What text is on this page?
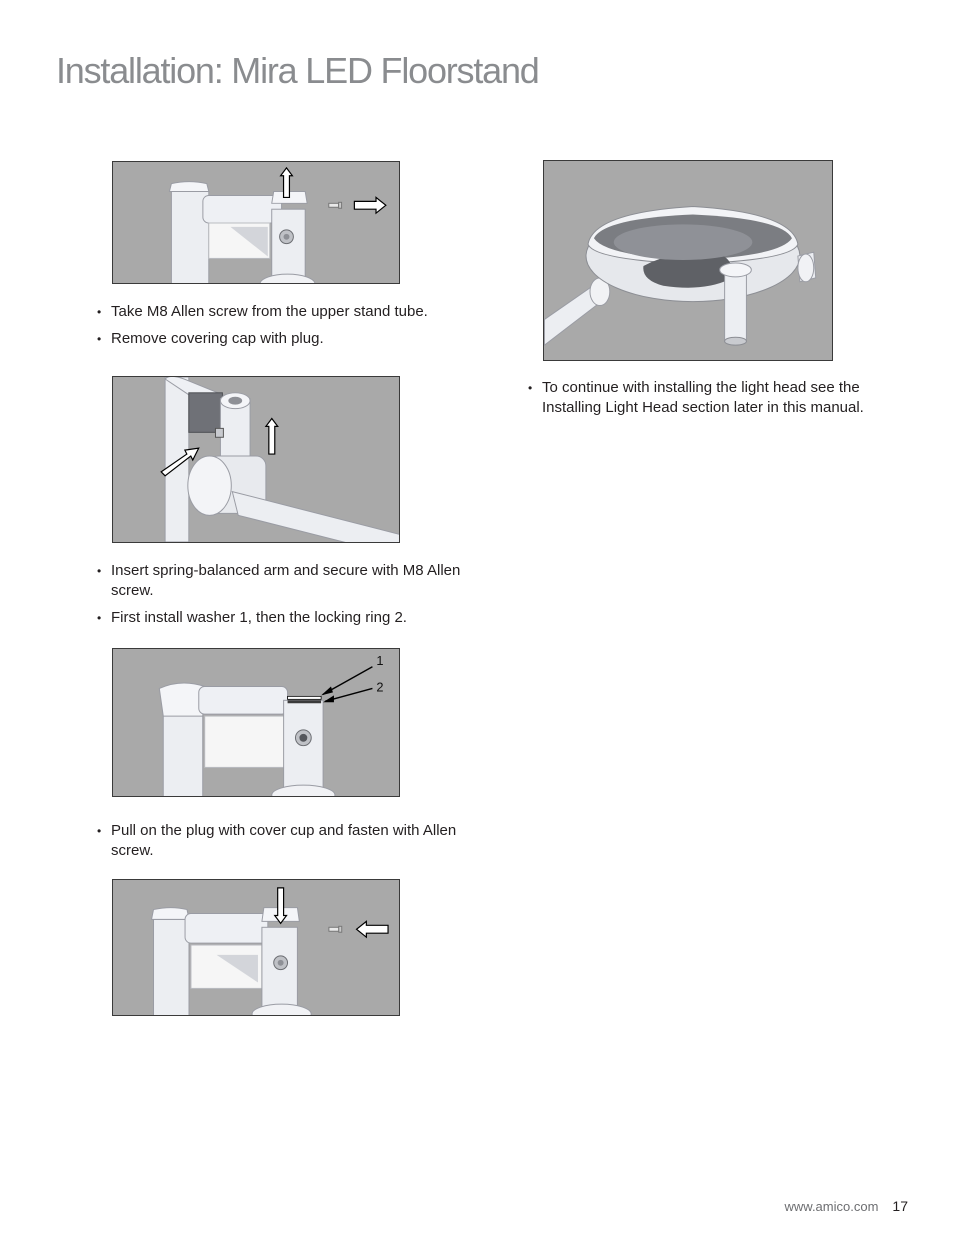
Installation: Mira LED Floorstand
• Take M8 Allen screw from the upper stand tube.
• Remove covering cap with plug.
• Insert spring-balanced arm and secure with M8 Allen screw.
• First install washer 1, then the locking ring 2.
1
2
• Pull on the plug with cover cup and fasten with Allen screw.
• To continue with installing the light head see the Installing Light Head section later in this manual.
www.amico.com 17
